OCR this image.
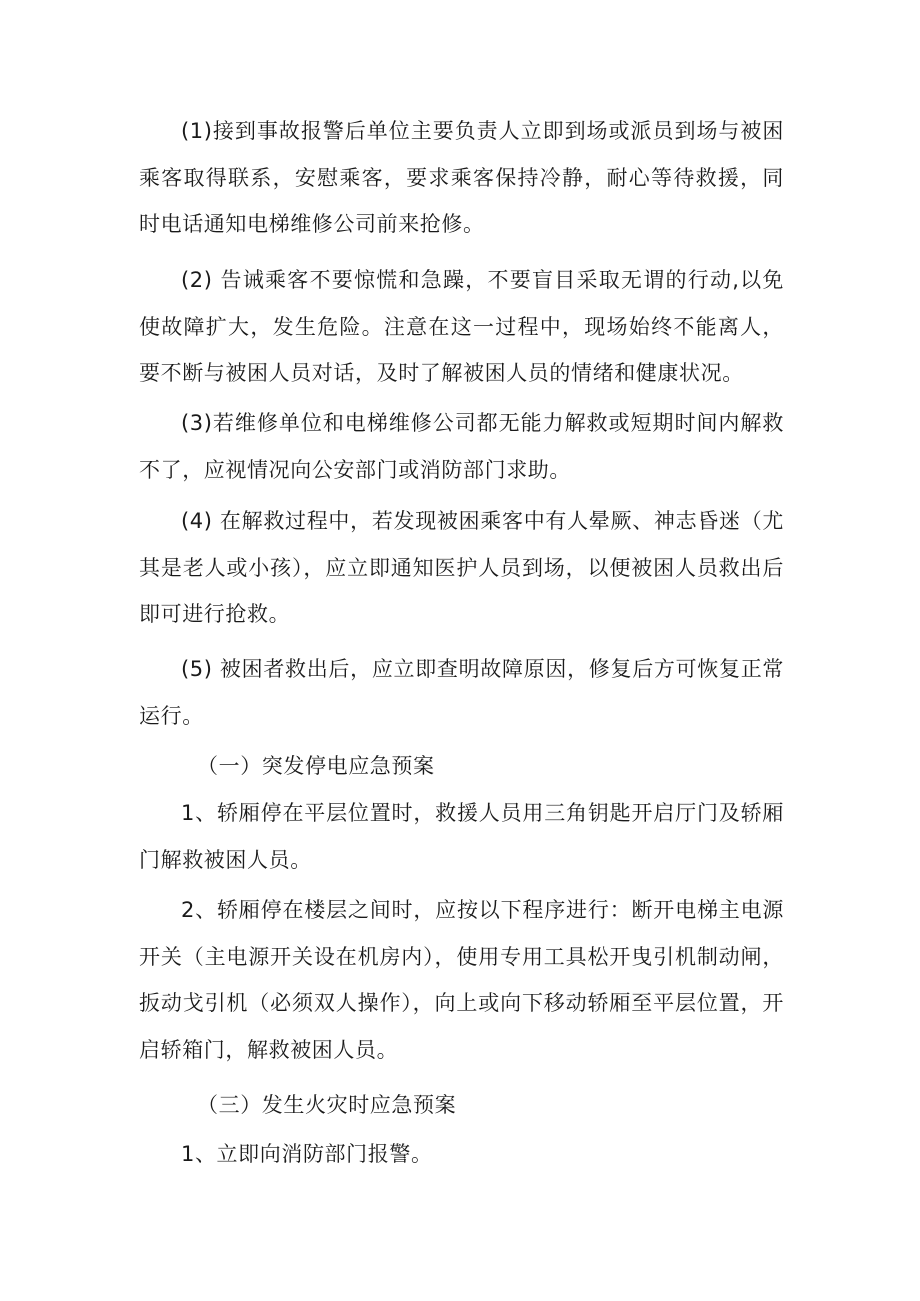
(1)接到事故报警后单位主要负责人立即到场或派员到场与被困乘客取得联系，安慰乘客，要求乘客保持冷静，耐心等待救援，同时电话通知电梯维修公司前来抢修。

(2) 告诫乘客不要惊慌和急躁，不要盲目采取无谓的行动,以免使故障扩大，发生危险。注意在这一过程中，现场始终不能离人，要不断与被困人员对话，及时了解被困人员的情绪和健康状况。

(3)若维修单位和电梯维修公司都无能力解救或短期时间内解救不了，应视情况向公安部门或消防部门求助。

(4) 在解救过程中，若发现被困乘客中有人晕厥、神志昏迷（尤其是老人或小孩），应立即通知医护人员到场，以便被困人员救出后即可进行抢救。

(5) 被困者救出后，应立即查明故障原因，修复后方可恢复正常运行。

（一）突发停电应急预案

1、轿厢停在平层位置时，救援人员用三角钥匙开启厅门及轿厢门解救被困人员。

2、轿厢停在楼层之间时，应按以下程序进行：断开电梯主电源开关（主电源开关设在机房内），使用专用工具松开曳引机制动闸，扳动戈引机（必须双人操作），向上或向下移动轿厢至平层位置，开启轿箱门，解救被困人员。

（三）发生火灾时应急预案

1、立即向消防部门报警。
